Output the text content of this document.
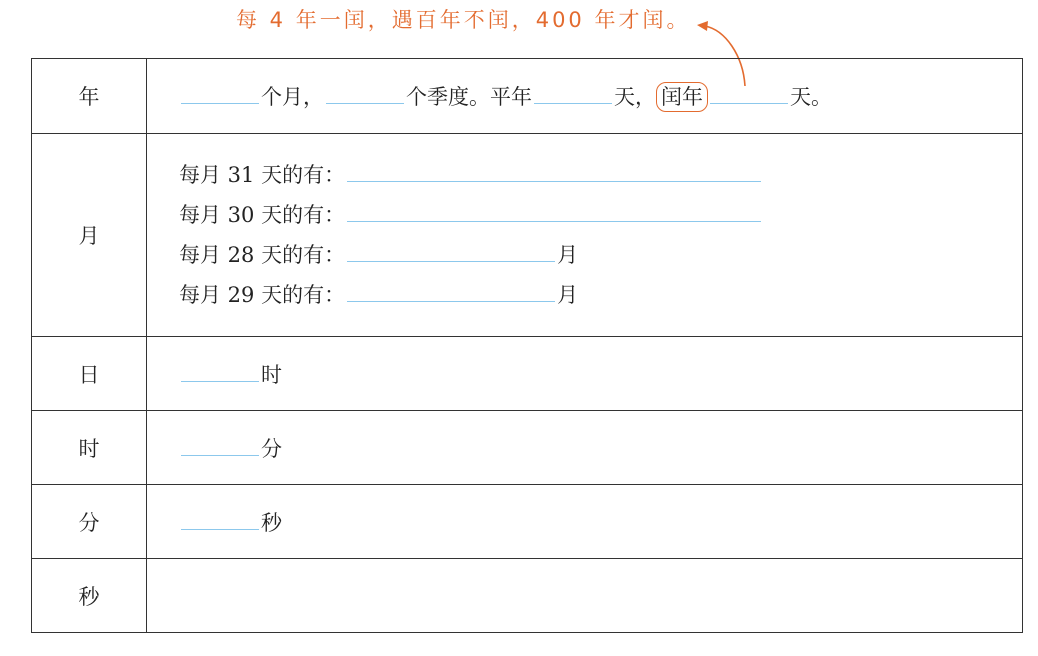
每 4 年一闰，遇百年不闰，400 年才闰。
年	个月， 个季度。平年 天， 闰年 天。

月	每月 31 天的有：
每月 30 天的有：
每月 28 天的有： 月
每月 29 天的有： 月

日	时
时	分
分	秒
秒	
